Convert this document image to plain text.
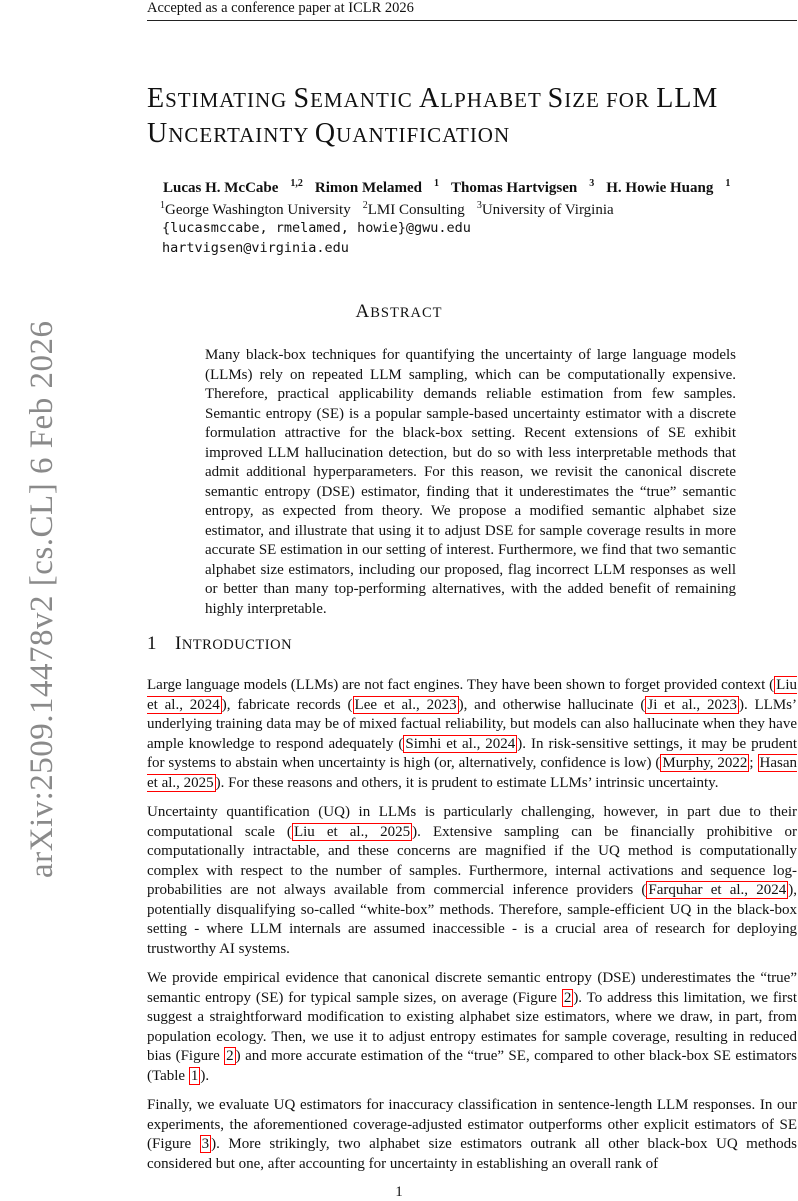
Accepted as a conference paper at ICLR 2026
arXiv:2509.14478v2 [cs.CL] 6 Feb 2026
ESTIMATING SEMANTIC ALPHABET SIZE FOR LLM
UNCERTAINTY QUANTIFICATION
Lucas H. McCabe $^{1,2}$ Rimon Melamed $^1$ Thomas Hartvigsen $^3$ H. Howie Huang $^1$
$^1$George Washington University $^2$LMI Consulting $^3$University of Virginia
{lucasmccabe, rmelamed, howie}@gwu.edu
hartvigsen@virginia.edu
ABSTRACT
Many black-box techniques for quantifying the uncertainty of large language models (LLMs) rely on repeated LLM sampling, which can be computationally expensive. Therefore, practical applicability demands reliable estimation from few samples. Semantic entropy (SE) is a popular sample-based uncertainty estimator with a discrete formulation attractive for the black-box setting. Recent extensions of SE exhibit improved LLM hallucination detection, but do so with less interpretable methods that admit additional hyperparameters. For this reason, we revisit the canonical discrete semantic entropy (DSE) estimator, finding that it underestimates the “true” semantic entropy, as expected from theory. We propose a modified semantic alphabet size estimator, and illustrate that using it to adjust DSE for sample coverage results in more accurate SE estimation in our setting of interest. Furthermore, we find that two semantic alphabet size estimators, including our proposed, flag incorrect LLM responses as well or better than many top-performing alternatives, with the added benefit of remaining highly interpretable.
1 INTRODUCTION

Large language models (LLMs) are not fact engines. They have been shown to forget provided context ( Liu et al., 2024 ), fabricate records ( Lee et al., 2023 ), and otherwise hallucinate ( Ji et al., 2023 ). LLMs’ underlying training data may be of mixed factual reliability, but models can also hallucinate when they have ample knowledge to respond adequately ( Simhi et al., 2024 ). In risk-sensitive settings, it may be prudent for systems to abstain when uncertainty is high (or, alternatively, confidence is low) ( Murphy, 2022 ; Hasan et al., 2025 ). For these reasons and others, it is prudent to estimate LLMs’ intrinsic uncertainty.

Uncertainty quantification (UQ) in LLMs is particularly challenging, however, in part due to their computational scale ( Liu et al., 2025 ). Extensive sampling can be financially prohibitive or computationally intractable, and these concerns are magnified if the UQ method is computationally complex with respect to the number of samples. Furthermore, internal activations and sequence log-probabilities are not always available from commercial inference providers ( Farquhar et al., 2024 ), potentially disqualifying so-called “white-box” methods. Therefore, sample-efficient UQ in the black-box setting - where LLM internals are assumed inaccessible - is a crucial area of research for deploying trustworthy AI systems.

We provide empirical evidence that canonical discrete semantic entropy (DSE) underestimates the “true” semantic entropy (SE) for typical sample sizes, on average (Figure 2 ). To address this limitation, we first suggest a straightforward modification to existing alphabet size estimators, where we draw, in part, from population ecology. Then, we use it to adjust entropy estimates for sample coverage, resulting in reduced bias (Figure 2 ) and more accurate estimation of the “true” SE, compared to other black-box SE estimators (Table 1 ).

Finally, we evaluate UQ estimators for inaccuracy classification in sentence-length LLM responses. In our experiments, the aforementioned coverage-adjusted estimator outperforms other explicit estimators of SE (Figure 3 ). More strikingly, two alphabet size estimators outrank all other black-box UQ methods considered but one, after accounting for uncertainty in establishing an overall rank of

1
